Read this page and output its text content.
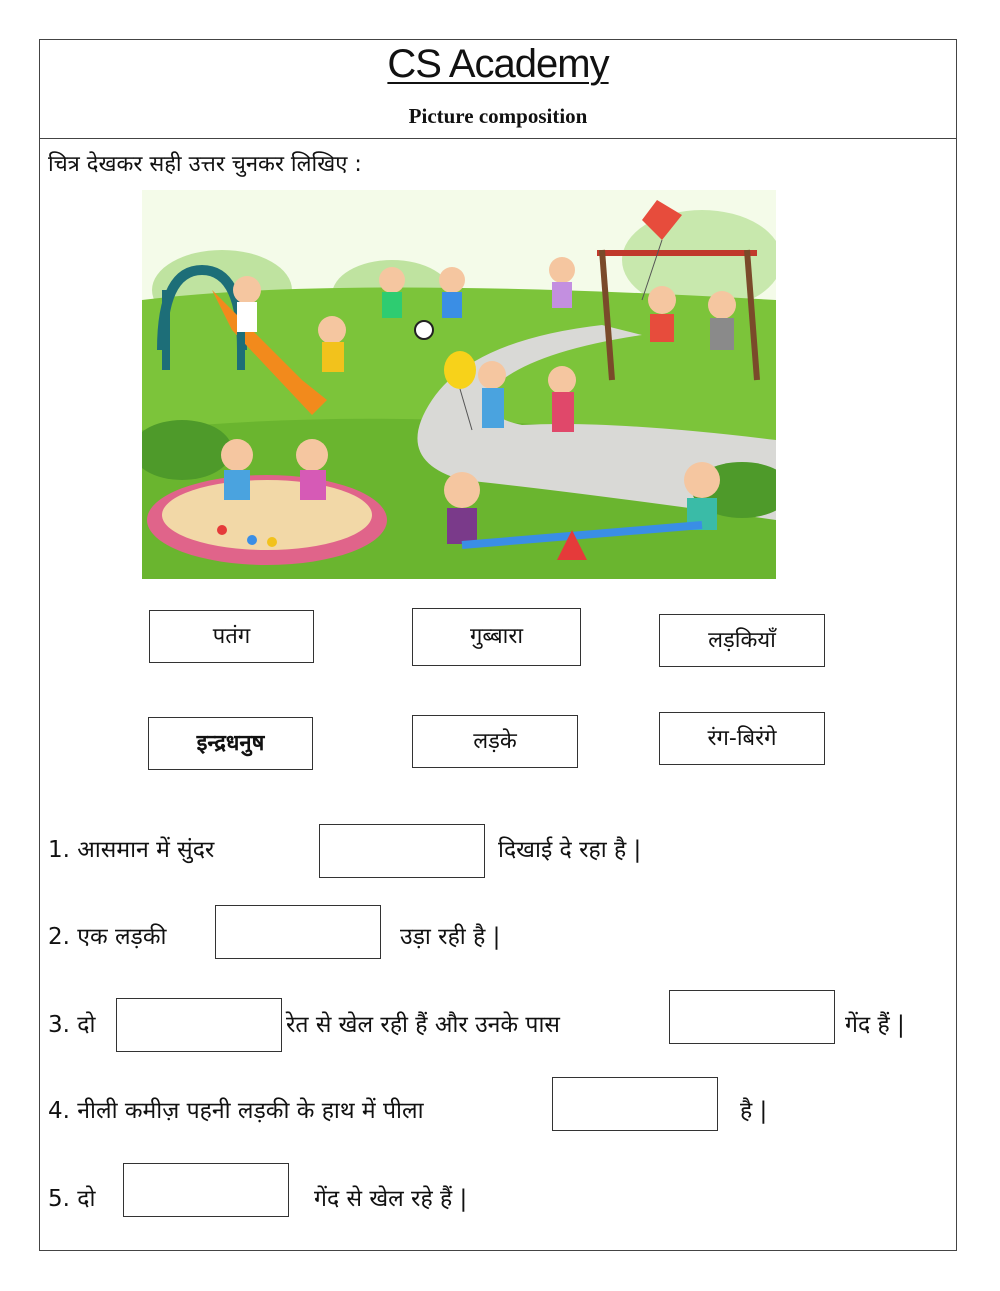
CS Academy
Picture composition
चित्र देखकर सही उत्तर चुनकर लिखिए :
पतंग	गुब्बारा	लड़कियाँ
इन्द्रधनुष	लड़के	रंग-बिरंगे
1. आसमान में सुंदर	दिखाई दे रहा है |
2. एक लड़की	उड़ा रही है |
3. दो	रेत से खेल रही हैं और उनके पास	गेंद हैं |
4. नीली कमीज़ पहनी लड़की के हाथ में पीला	है |
5. दो	गेंद से खेल रहे हैं |
